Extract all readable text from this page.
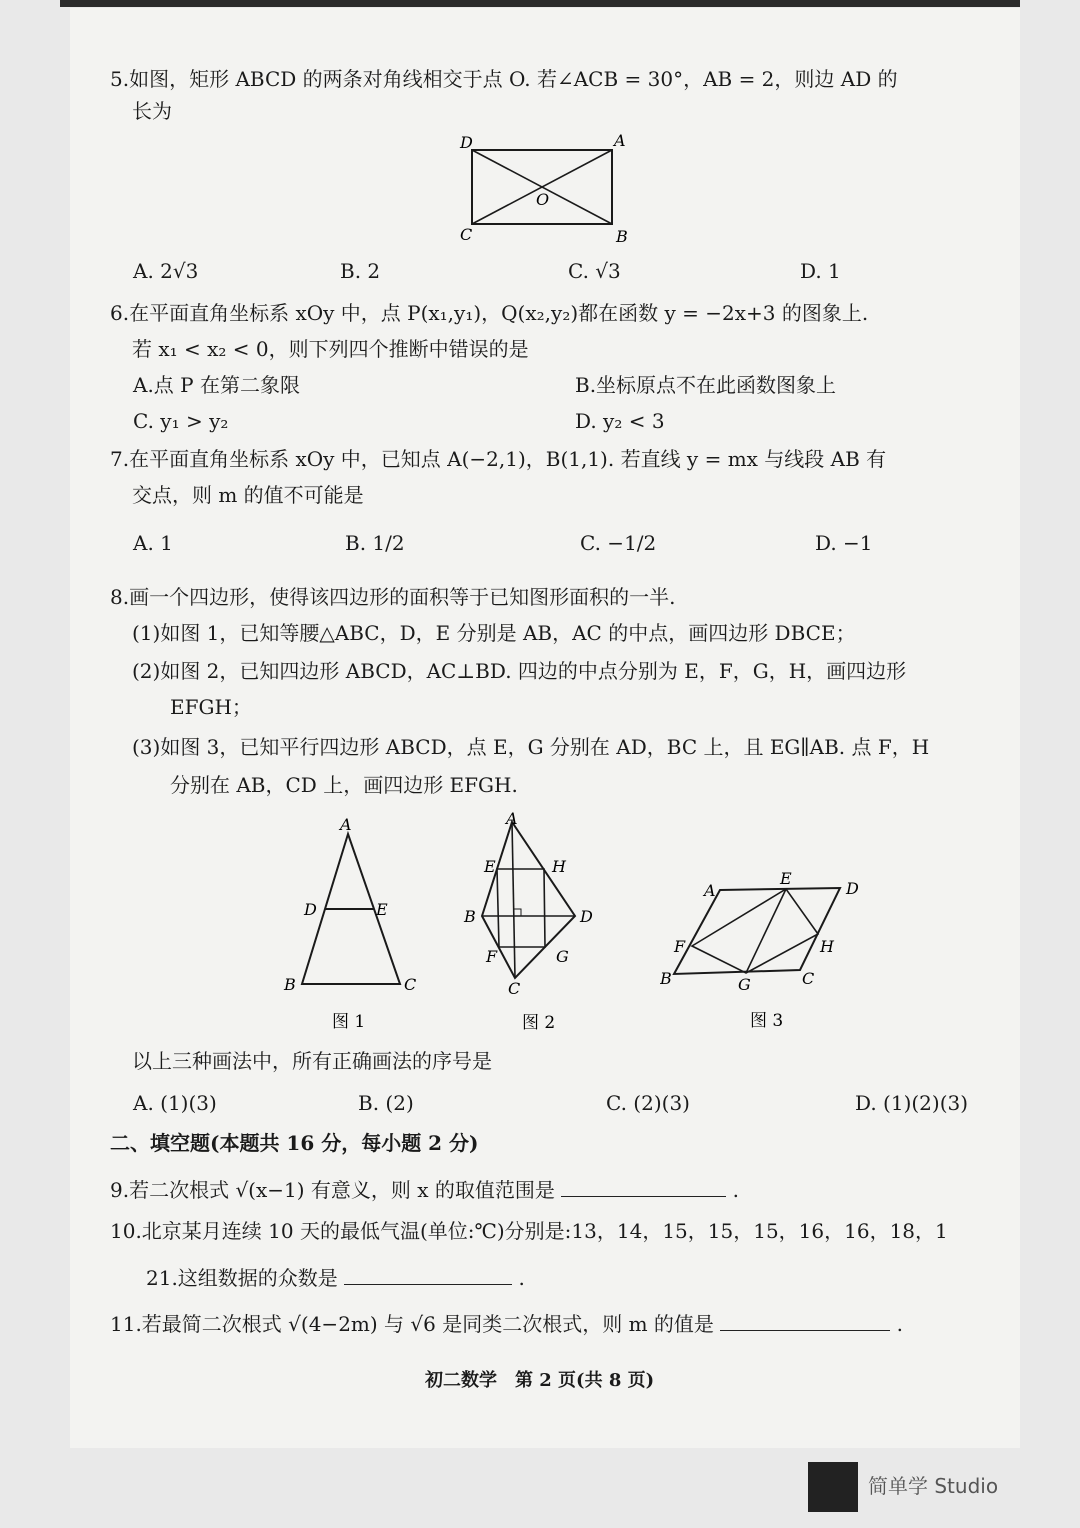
5.如图，矩形 ABCD 的两条对角线相交于点 O. 若∠ACB = 30°，AB = 2，则边 AD 的
长为
D	A
O
C	B
A. 2√3	B. 2	C. √3	D. 1
6.在平面直角坐标系 xOy 中，点 P(x₁,y₁)，Q(x₂,y₂)都在函数 y = −2x+3 的图象上.
若 x₁ < x₂ < 0，则下列四个推断中错误的是
A.点 P 在第二象限	B.坐标原点不在此函数图象上
C. y₁ > y₂	D. y₂ < 3
7.在平面直角坐标系 xOy 中，已知点 A(−2,1)，B(1,1). 若直线 y = mx 与线段 AB 有
交点，则 m 的值不可能是
A. 1	B. 1/2	C. −1/2	D. −1
8.画一个四边形，使得该四边形的面积等于已知图形面积的一半.
(1)如图 1，已知等腰△ABC，D，E 分别是 AB，AC 的中点，画四边形 DBCE；
(2)如图 2，已知四边形 ABCD，AC⊥BD. 四边的中点分别为 E，F，G，H，画四边形
EFGH；
(3)如图 3，已知平行四边形 ABCD，点 E，G 分别在 AD，BC 上，且 EG∥AB. 点 F，H
分别在 AB，CD 上，画四边形 EFGH.
A
D	E
B	C
图 1
A
E	H
B	D
F	G
C
图 2
A
E
D
F	H
B	G	C
图 3
以上三种画法中，所有正确画法的序号是
A. (1)(3)	B. (2)	C. (2)(3)	D. (1)(2)(3)
二、填空题(本题共 16 分，每小题 2 分)
9.若二次根式 √(x−1) 有意义，则 x 的取值范围是	.
10.北京某月连续 10 天的最低气温(单位:℃)分别是:13，14，15，15，15，16，16，18，1
21.这组数据的众数是	.
11.若最简二次根式 √(4−2m) 与 √6 是同类二次根式，则 m 的值是	.
初二数学　第 2 页(共 8 页)
简单学 Studio
